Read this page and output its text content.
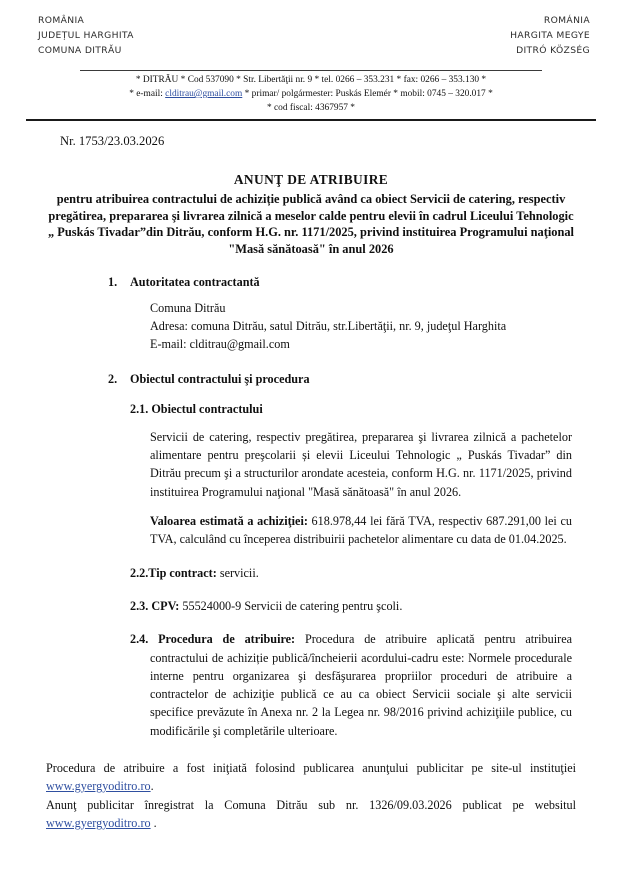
ROMÂNIA
JUDEȚUL HARGHITA
COMUNA DITRĂU
ROMÁNIA
HARGITA MEGYE
DITRÓ KÖZSÉG
* DITRĂU * Cod 537090 * Str. Libertăţii nr. 9 * tel. 0266 – 353.231 * fax: 0266 – 353.130 *
* e-mail: clditrau@gmail.com * primar/ polgármester: Puskás Elemér * mobil: 0745 – 320.017 *
* cod fiscal: 4367957 *
Nr. 1753/23.03.2026
ANUNŢ DE ATRIBUIRE
pentru atribuirea contractului de achiziție publică având ca obiect Servicii de catering, respectiv pregătirea, prepararea şi livrarea zilnică a meselor calde pentru elevii în cadrul Liceului Tehnologic „ Puskás Tivadar”din Ditrău, conform H.G. nr. 1171/2025, privind instituirea Programului naţional "Masă sănătoasă" în anul 2026
1.	Autoritatea contractantă
Comuna Ditrău
Adresa: comuna Ditrău, satul Ditrău, str.Libertăţii, nr. 9, judeţul Harghita
E-mail: clditrau@gmail.com
2.	Obiectul contractului şi procedura
2.1. Obiectul contractului
Servicii de catering, respectiv pregătirea, prepararea şi livrarea zilnică a pachetelor alimentare pentru preşcolarii și elevii Liceului Tehnologic „ Puskás Tivadar” din Ditrău precum şi a structurilor arondate acesteia, conform H.G. nr. 1171/2025, privind instituirea Programului naţional "Masă sănătoasă" în anul 2026.
Valoarea estimată a achiziţiei: 618.978,44 lei fără TVA, respectiv 687.291,00 lei cu TVA, calculând cu începerea distribuirii pachetelor alimentare cu data de 01.04.2025.
2.2.Tip contract: servicii.
2.3. CPV: 55524000-9 Servicii de catering pentru şcoli.
2.4. Procedura de atribuire: Procedura de atribuire aplicată pentru atribuirea contractului de achiziție publică/încheierii acordului-cadru este: Normele procedurale interne pentru organizarea şi desfăşurarea propriilor proceduri de atribuire a contractelor de achiziţie publică ce au ca obiect Servicii sociale şi alte servicii specifice prevăzute în Anexa nr. 2 la Legea nr. 98/2016 privind achiziţiile publice, cu modificările şi completările ulterioare.

Procedura de atribuire a fost iniţiată folosind publicarea anunţului publicitar pe site-ul instituţiei www.gyergyoditro.ro.

Anunţ publicitar înregistrat la Comuna Ditrău sub nr. 1326/09.03.2026 publicat pe websitul www.gyergyoditro.ro .
